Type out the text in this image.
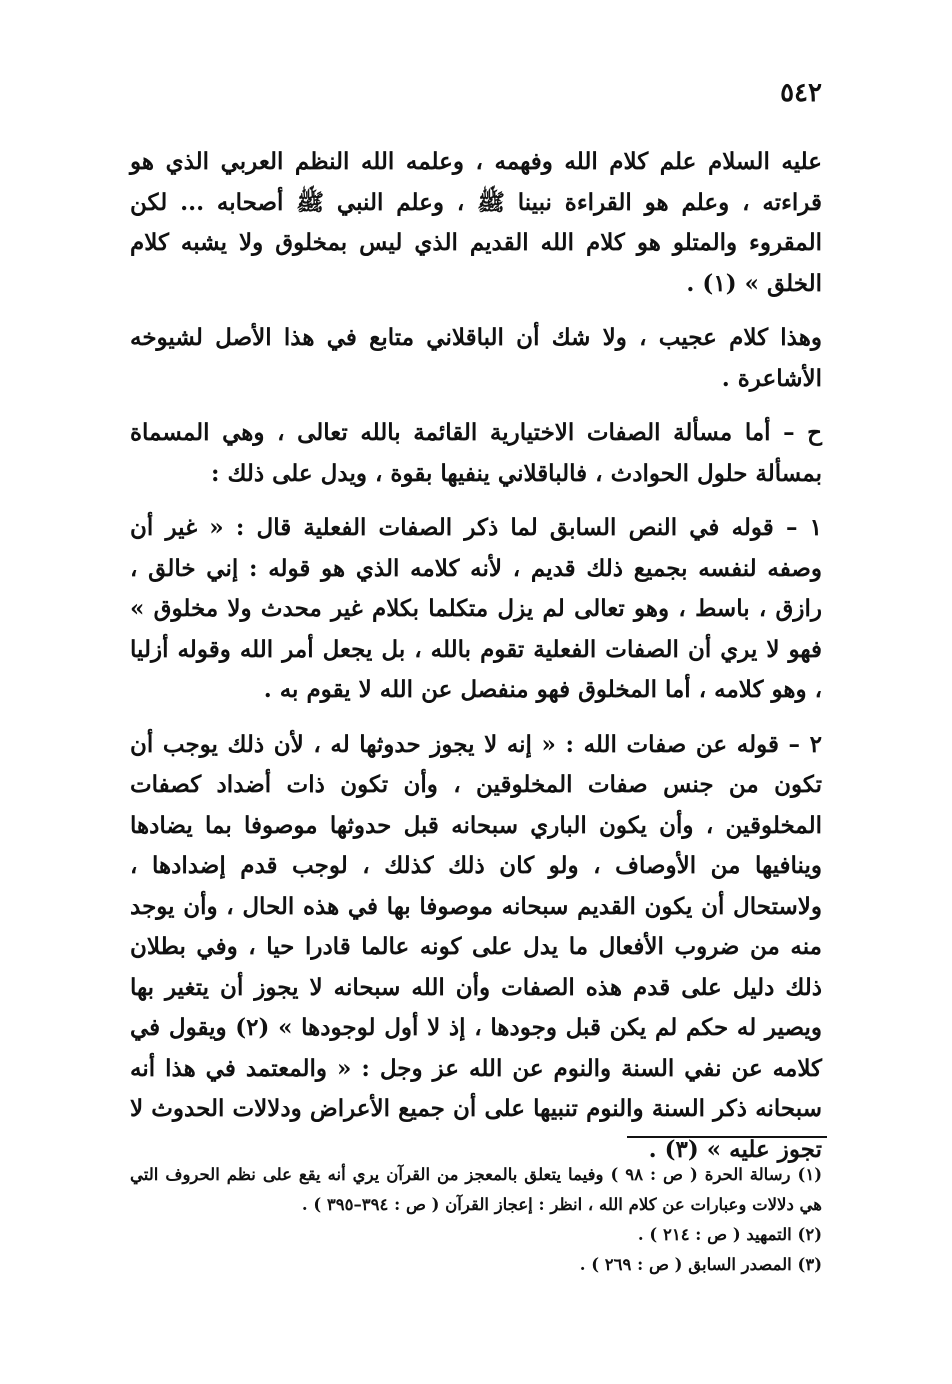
٥٤٢

عليه السلام علم كلام الله وفهمه ، وعلمه الله النظم العربي الذي هو قراءته ، وعلم هو القراءة نبينا ﷺ ، وعلم النبي ﷺ أصحابه ... لكن المقروء والمتلو هو كلام الله القديم الذي ليس بمخلوق ولا يشبه كلام الخلق » (١) .

وهذا كلام عجيب ، ولا شك أن الباقلاني متابع في هذا الأصل لشيوخه الأشاعرة .

ح – أما مسألة الصفات الاختيارية القائمة بالله تعالى ، وهي المسماة بمسألة حلول الحوادث ، فالباقلاني ينفيها بقوة ، ويدل على ذلك :

١ – قوله في النص السابق لما ذكر الصفات الفعلية قال : « غير أن وصفه لنفسه بجميع ذلك قديم ، لأنه كلامه الذي هو قوله : إني خالق ، رازق ، باسط ، وهو تعالى لم يزل متكلما بكلام غير محدث ولا مخلوق » فهو لا يري أن الصفات الفعلية تقوم بالله ، بل يجعل أمر الله وقوله أزليا ، وهو كلامه ، أما المخلوق فهو منفصل عن الله لا يقوم به .

٢ – قوله عن صفات الله : « إنه لا يجوز حدوثها له ، لأن ذلك يوجب أن تكون من جنس صفات المخلوقين ، وأن تكون ذات أضداد كصفات المخلوقين ، وأن يكون الباري سبحانه قبل حدوثها موصوفا بما يضادها وينافيها من الأوصاف ، ولو كان ذلك كذلك ، لوجب قدم إضدادها ، ولاستحال أن يكون القديم سبحانه موصوفا بها في هذه الحال ، وأن يوجد منه من ضروب الأفعال ما يدل على كونه عالما قادرا حيا ، وفي بطلان ذلك دليل على قدم هذه الصفات وأن الله سبحانه لا يجوز أن يتغير بها ويصير له حكم لم يكن قبل وجودها ، إذ لا أول لوجودها » (٢) ويقول في كلامه عن نفي السنة والنوم عن الله عز وجل : « والمعتمد في هذا أنه سبحانه ذكر السنة والنوم تنبيها على أن جميع الأعراض ودلالات الحدوث لا تجوز عليه » (٣) .

(١) رسالة الحرة ( ص : ٩٨ ) وفيما يتعلق بالمعجز من القرآن يري أنه يقع على نظم الحروف التي هي دلالات وعبارات عن كلام الله ، انظر : إعجاز القرآن ( ص : ٣٩٤–٣٩٥ ) .

(٢) التمهيد ( ص : ٢١٤ ) .

(٣) المصدر السابق ( ص : ٢٦٩ ) .
